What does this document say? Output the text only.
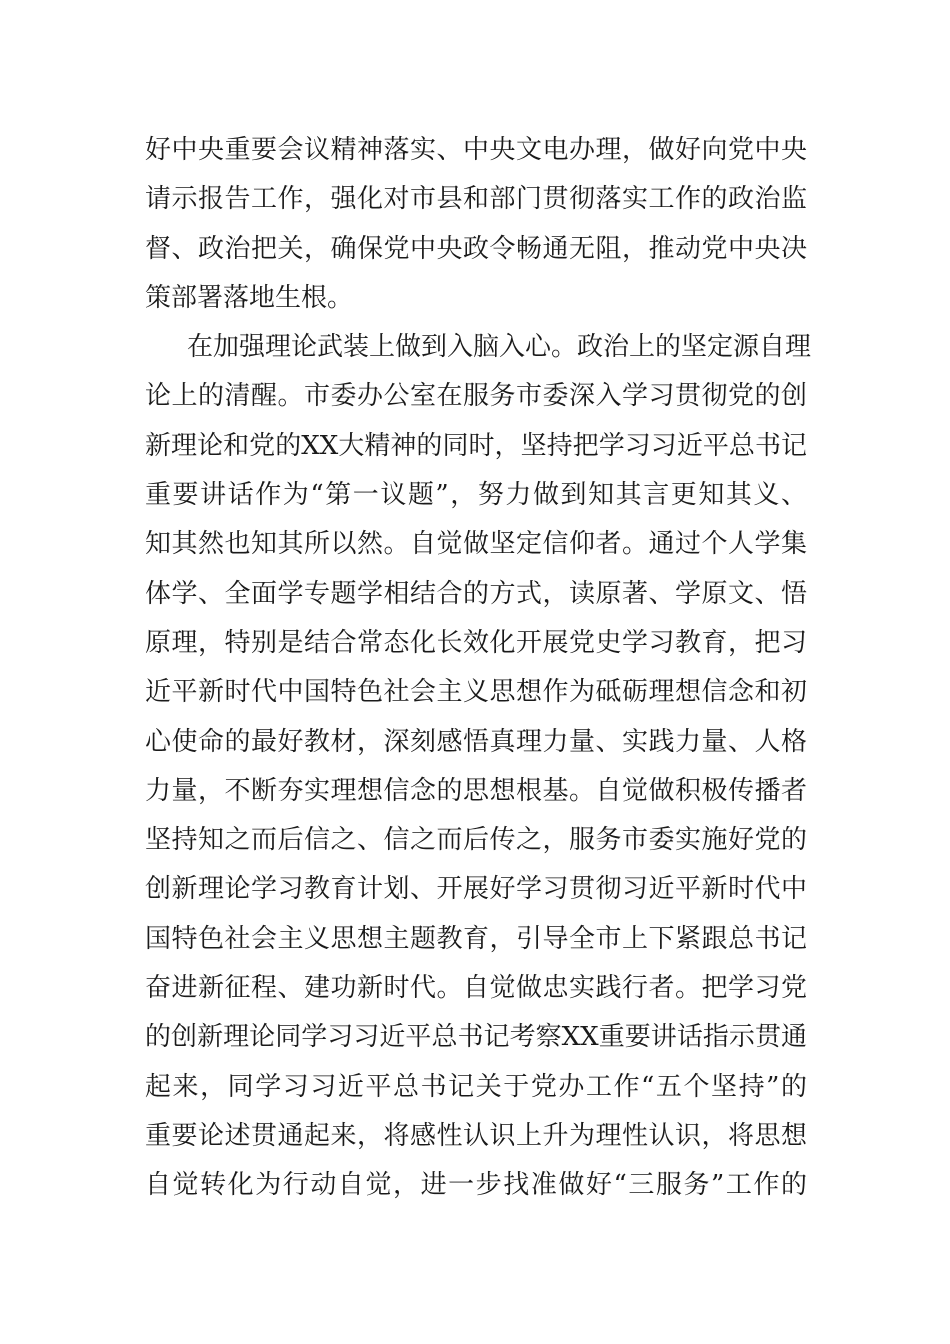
好中央重要会议精神落实、中央文电办理，做好向党中央
请示报告工作，强化对市县和部门贯彻落实工作的政治监
督、政治把关，确保党中央政令畅通无阻，推动党中央决
策部署落地生根。
在加强理论武装上做到入脑入心。政治上的坚定源自理
论上的清醒。市委办公室在服务市委深入学习贯彻党的创
新理论和党的XX大精神的同时，坚持把学习习近平总书记
重要讲话作为“第一议题”，努力做到知其言更知其义、
知其然也知其所以然。自觉做坚定信仰者。通过个人学集
体学、全面学专题学相结合的方式，读原著、学原文、悟
原理，特别是结合常态化长效化开展党史学习教育，把习
近平新时代中国特色社会主义思想作为砥砺理想信念和初
心使命的最好教材，深刻感悟真理力量、实践力量、人格
力量，不断夯实理想信念的思想根基。自觉做积极传播者
坚持知之而后信之、信之而后传之，服务市委实施好党的
创新理论学习教育计划、开展好学习贯彻习近平新时代中
国特色社会主义思想主题教育，引导全市上下紧跟总书记
奋进新征程、建功新时代。自觉做忠实践行者。把学习党
的创新理论同学习习近平总书记考察XX重要讲话指示贯通
起来，同学习习近平总书记关于党办工作“五个坚持”的
重要论述贯通起来，将感性认识上升为理性认识，将思想
自觉转化为行动自觉，进一步找准做好“三服务”工作的
